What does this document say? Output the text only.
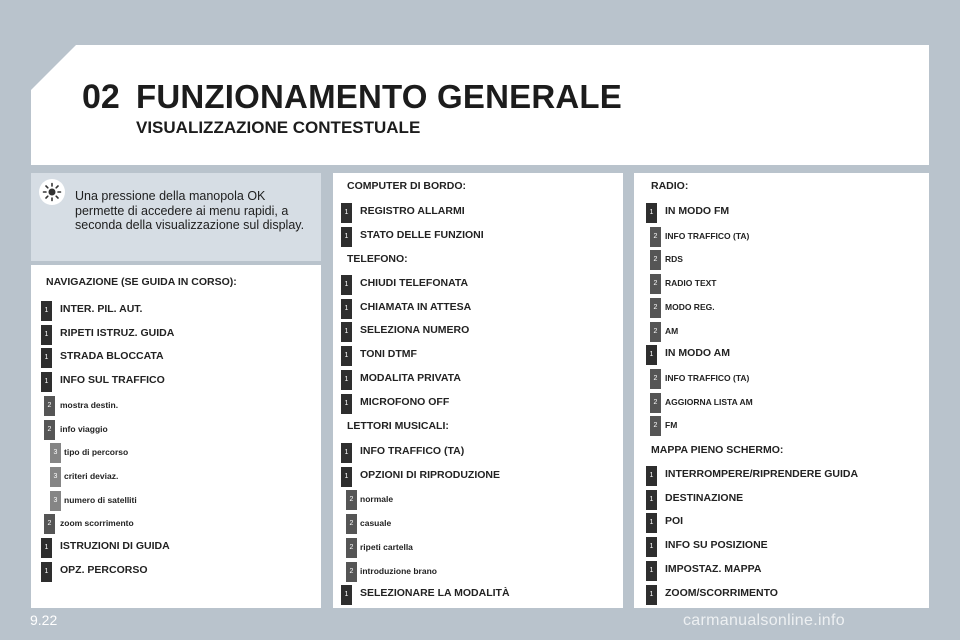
02 FUNZIONAMENTO GENERALE
VISUALIZZAZIONE CONTESTUALE
Una pressione della manopola OK permette di accedere ai menu rapidi, a seconda della visualizzazione sul display.
NAVIGAZIONE (SE GUIDA IN CORSO):
1	INTER. PIL. AUT.
1	RIPETI ISTRUZ. GUIDA
1	STRADA BLOCCATA
1	INFO SUL TRAFFICO
2	mostra destin.
2	info viaggio
3 tipo di percorso
3 criteri deviaz.
3 numero di satelliti
2	zoom scorrimento
1	ISTRUZIONI DI GUIDA
1	OPZ. PERCORSO
COMPUTER DI BORDO:
1	REGISTRO ALLARMI
1	STATO DELLE FUNZIONI
TELEFONO:
1	CHIUDI TELEFONATA
1	CHIAMATA IN ATTESA
1	SELEZIONA NUMERO
1	TONI DTMF
1	MODALITA PRIVATA
1	MICROFONO OFF
LETTORI MUSICALI:
1	INFO TRAFFICO (TA)
1	OPZIONI DI RIPRODUZIONE
2 normale
2 casuale
2 ripeti cartella
2 introduzione brano
1	SELEZIONARE LA MODALITÀ
RADIO:
1	IN MODO FM
2 INFO TRAFFICO (TA)
2 RDS
2 RADIO TEXT
2 MODO REG.
2 AM
1	IN MODO AM
2 INFO TRAFFICO (TA)
2 AGGIORNA LISTA AM
2 FM
MAPPA PIENO SCHERMO:
1	INTERROMPERE/RIPRENDERE GUIDA
1	DESTINAZIONE
1	POI
1	INFO SU POSIZIONE
1	IMPOSTAZ. MAPPA
1	ZOOM/SCORRIMENTO
9.22	carmanualsonline.info
